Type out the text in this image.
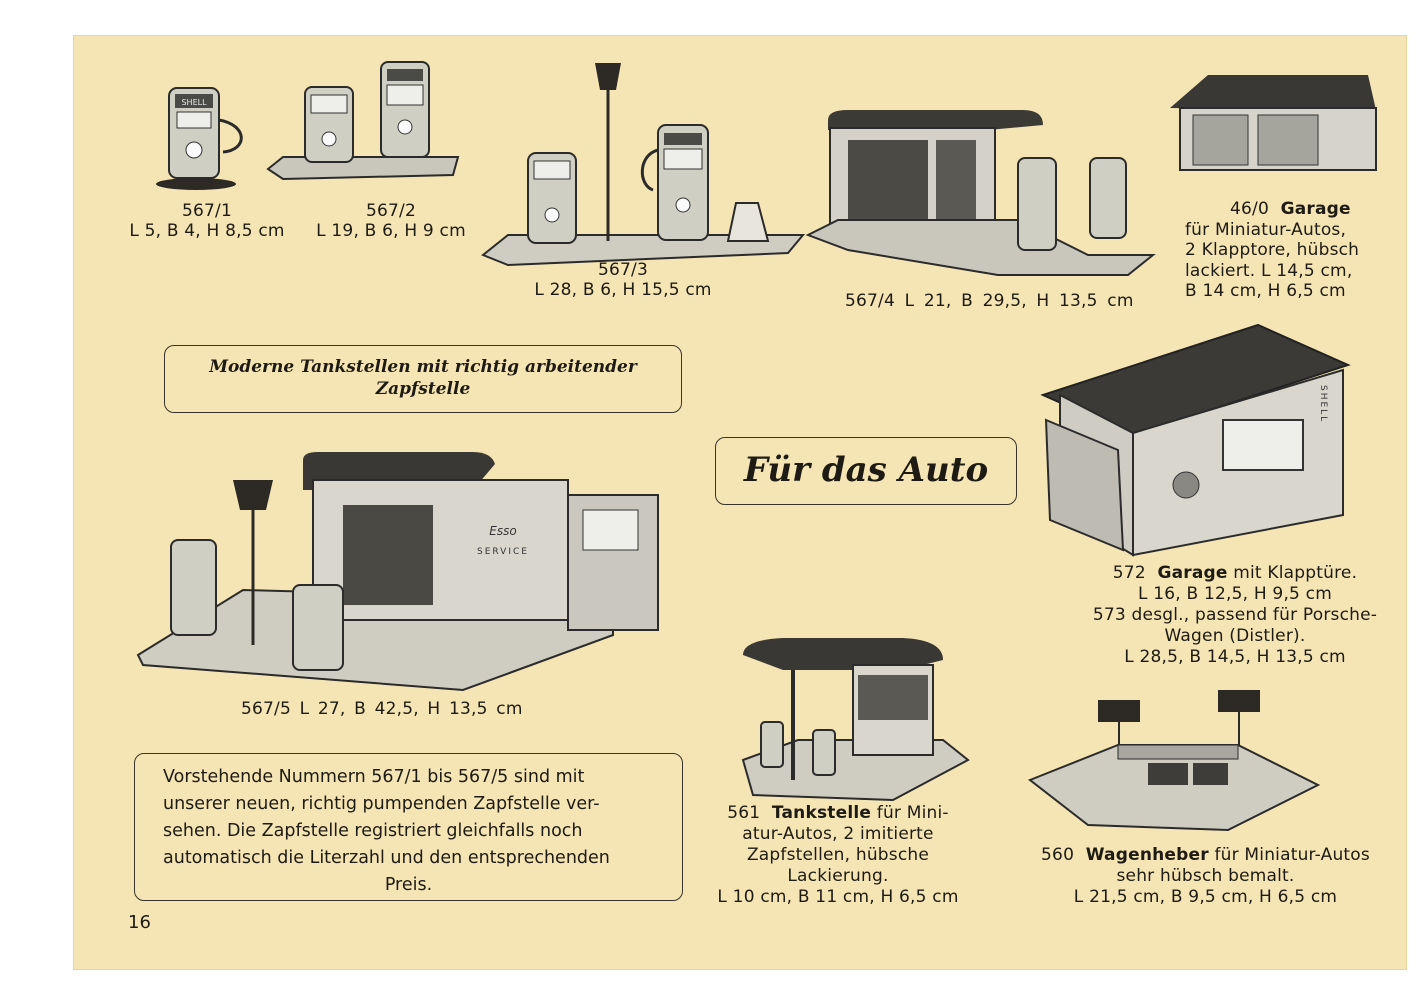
SHELL
SHELL
Esso
SERVICE
567/1
L 5, B 4, H 8,5 cm
567/2
L 19, B 6, H 9 cm
567/3
L 28, B 6, H 15,5 cm
567/4 L 21, B 29,5, H 13,5 cm
46/0 Garage
für Miniatur-Autos,
2 Klapptore, hübsch
lackiert. L 14,5 cm,
B 14 cm, H 6,5 cm
Moderne Tankstellen mit richtig arbeitender
Zapfstelle
Für das Auto
572 Garage mit Klapptüre.
L 16, B 12,5, H 9,5 cm
573 desgl., passend für Porsche-
Wagen (Distler).
L 28,5, B 14,5, H 13,5 cm
567/5 L 27, B 42,5, H 13,5 cm
Vorstehende Nummern 567/1 bis 567/5 sind mit
unserer neuen, richtig pumpenden Zapfstelle ver-
sehen. Die Zapfstelle registriert gleichfalls noch
automatisch die Literzahl und den entsprechenden
Preis.
561 Tankstelle für Mini-
atur-Autos, 2 imitierte
Zapfstellen, hübsche
Lackierung.
L 10 cm, B 11 cm, H 6,5 cm
560 Wagenheber für Miniatur-Autos
sehr hübsch bemalt.
L 21,5 cm, B 9,5 cm, H 6,5 cm
16
